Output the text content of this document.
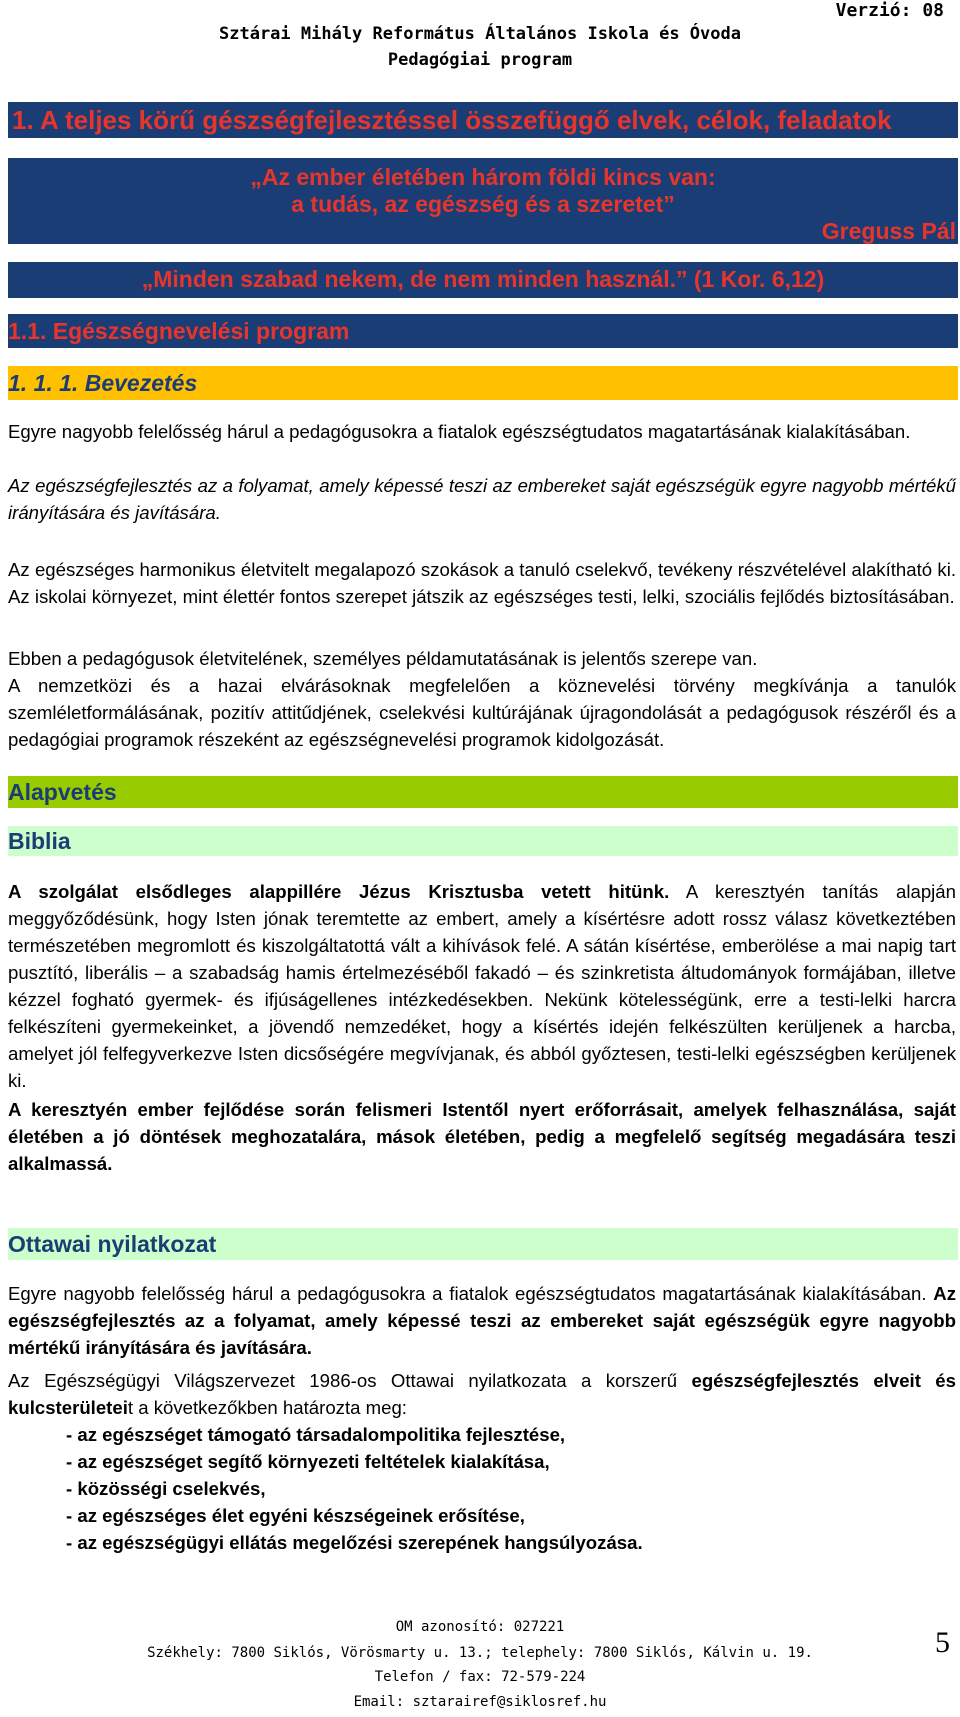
Verzió: 08
Sztárai Mihály Református Általános Iskola és Óvoda
Pedagógiai program
1. A teljes körű gészségfejlesztéssel összefüggő elvek, célok, feladatok
„Az ember életében három földi kincs van:
a tudás, az egészség és a szeretet”
Greguss Pál
„Minden szabad nekem, de nem minden használ.” (1 Kor. 6,12)
1.1. Egészségnevelési program
1. 1. 1. Bevezetés
Egyre nagyobb felelősség hárul a pedagógusokra a fiatalok egészségtudatos magatartásának kialakításában.
Az egészségfejlesztés az a folyamat, amely képessé teszi az embereket saját egészségük egyre nagyobb mértékű irányítására és javítására.
Az egészséges harmonikus életvitelt megalapozó szokások a tanuló cselekvő, tevékeny részvételével alakítható ki. Az iskolai környezet, mint élettér fontos szerepet játszik az egészséges testi, lelki, szociális fejlődés biztosításában.
Ebben a pedagógusok életvitelének, személyes példamutatásának is jelentős szerepe van.
A nemzetközi és a hazai elvárásoknak megfelelően a köznevelési törvény megkívánja a tanulók szemléletformálásának, pozitív attitűdjének, cselekvési kultúrájának újragondolását a pedagógusok részéről és a pedagógiai programok részeként az egészségnevelési programok kidolgozását.
Alapvetés
Biblia
A szolgálat elsődleges alappillére Jézus Krisztusba vetett hitünk. A keresztyén tanítás alapján meggyőződésünk, hogy Isten jónak teremtette az embert, amely a kísértésre adott rossz válasz következtében természetében megromlott és kiszolgáltatottá vált a kihívások felé. A sátán kísértése, emberölése a mai napig tart pusztító, liberális – a szabadság hamis értelmezéséből fakadó – és szinkretista áltudományok formájában, illetve kézzel fogható gyermek- és ifjúságellenes intézkedésekben. Nekünk kötelességünk, erre a testi-lelki harcra felkészíteni gyermekeinket, a jövendő nemzedéket, hogy a kísértés idején felkészülten kerüljenek a harcba, amelyet jól felfegyverkezve Isten dicsőségére megvívjanak, és abból győztesen, testi-lelki egészségben kerüljenek ki.
A keresztyén ember fejlődése során felismeri Istentől nyert erőforrásait, amelyek felhasználása, saját életében a jó döntések meghozatalára, mások életében, pedig a megfelelő segítség megadására teszi alkalmassá.
Ottawai nyilatkozat
Egyre nagyobb felelősség hárul a pedagógusokra a fiatalok egészségtudatos magatartásának kialakításában. Az egészségfejlesztés az a folyamat, amely képessé teszi az embereket saját egészségük egyre nagyobb mértékű irányítására és javítására.
Az Egészségügyi Világszervezet 1986-os Ottawai nyilatkozata a korszerű egészségfejlesztés elveit és kulcsterületeit a következőkben határozta meg:
- az egészséget támogató társadalompolitika fejlesztése,
- az egészséget segítő környezeti feltételek kialakítása,
- közösségi cselekvés,
- az egészséges élet egyéni készségeinek erősítése,
- az egészségügyi ellátás megelőzési szerepének hangsúlyozása.
OM azonosító: 027221
Székhely: 7800 Siklós, Vörösmarty u. 13.; telephely: 7800 Siklós, Kálvin u. 19.
Telefon / fax: 72-579-224
Email: sztarairef@siklosref.hu
5
